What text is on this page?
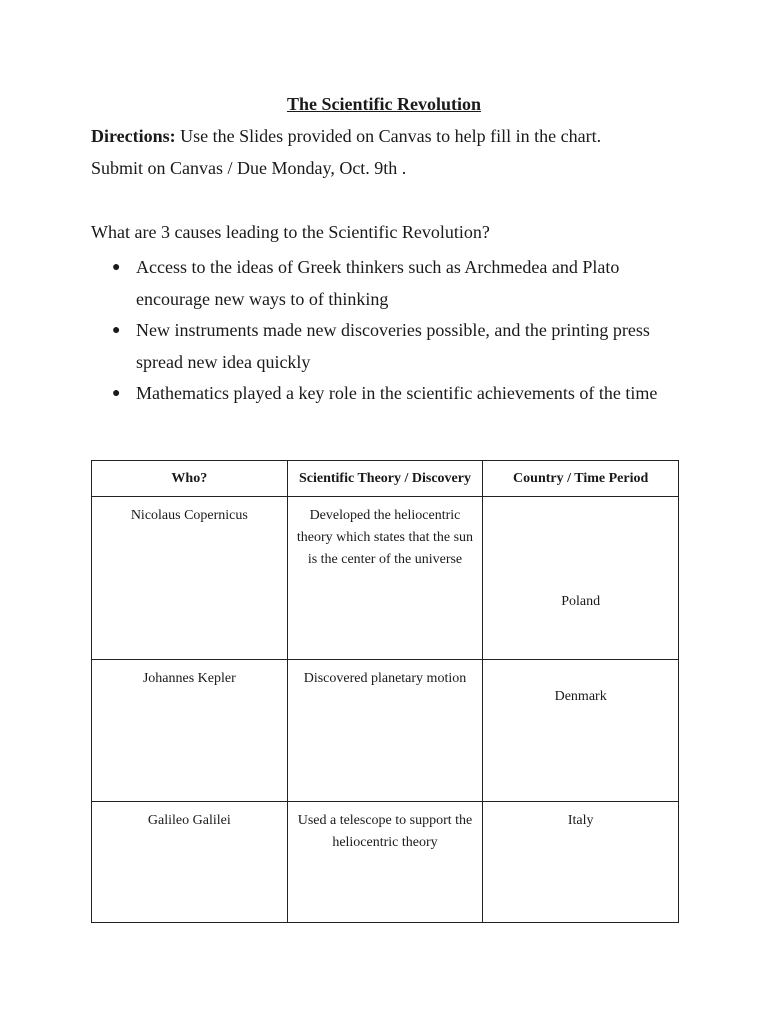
The Scientific Revolution
Directions: Use the Slides provided on Canvas to help fill in the chart.
Submit on Canvas / Due Monday, Oct. 9th .
What are 3 causes leading to the Scientific Revolution?
● Access to the ideas of Greek thinkers such as Archmedea and Plato encourage new ways to of thinking
● New instruments made new discoveries possible, and the printing press spread new idea quickly
● Mathematics played a key role in the scientific achievements of the time
Who?	Scientific Theory / Discovery	Country / Time Period
Nicolaus Copernicus	Developed the heliocentric theory which states that the sun is the center of the universe	Poland
Johannes Kepler	Discovered planetary motion	Denmark
Galileo Galilei	Used a telescope to support the heliocentric theory	Italy
